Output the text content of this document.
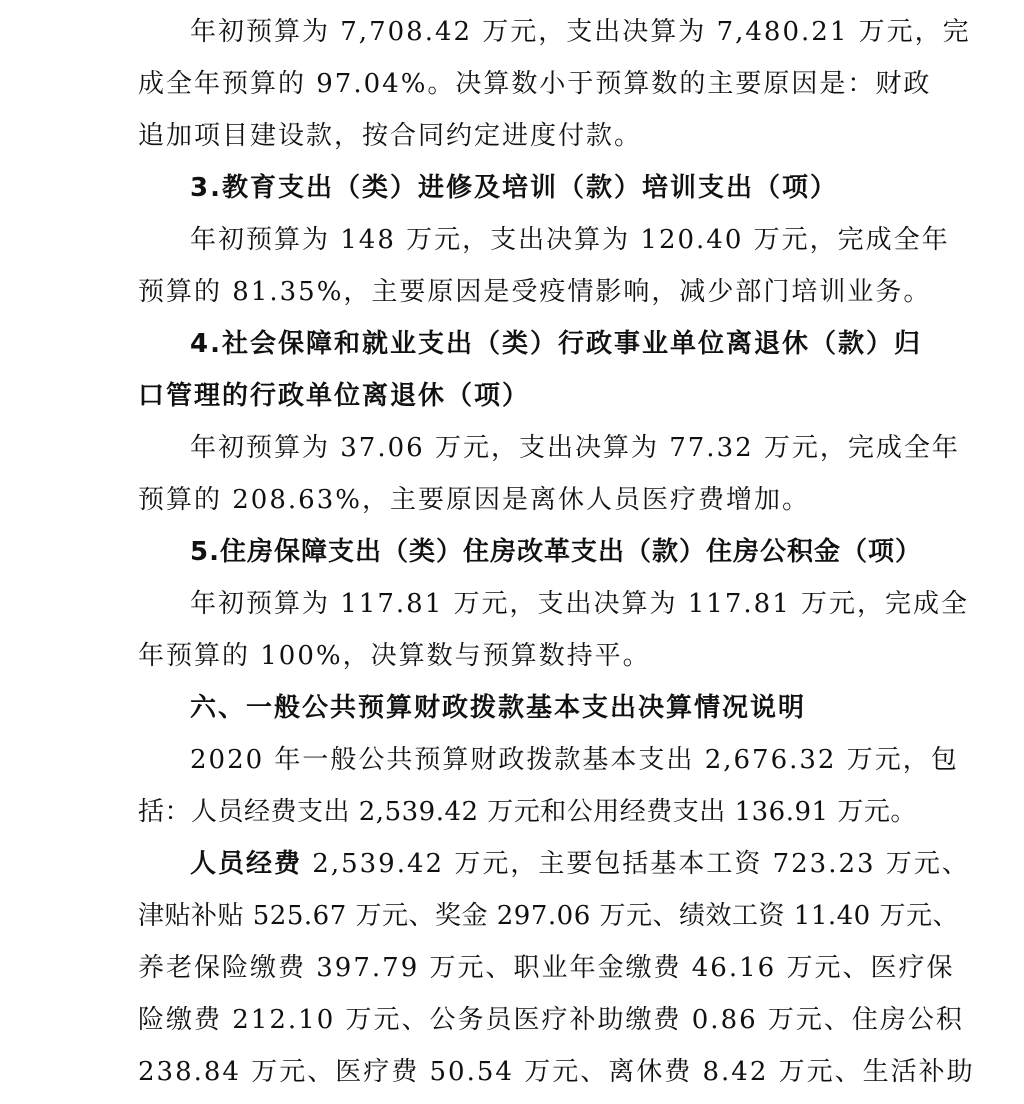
年初预算为 7,708.42 万元，支出决算为 7,480.21 万元，完
成全年预算的 97.04%。决算数小于预算数的主要原因是：财政
追加项目建设款，按合同约定进度付款。
3.教育支出（类）进修及培训（款）培训支出（项）
年初预算为 148 万元，支出决算为 120.40 万元，完成全年
预算的 81.35%，主要原因是受疫情影响，减少部门培训业务。
4.社会保障和就业支出（类）行政事业单位离退休（款）归
口管理的行政单位离退休（项）
年初预算为 37.06 万元，支出决算为 77.32 万元，完成全年
预算的 208.63%，主要原因是离休人员医疗费增加。
5.住房保障支出（类）住房改革支出（款）住房公积金（项）
年初预算为 117.81 万元，支出决算为 117.81 万元，完成全
年预算的 100%，决算数与预算数持平。
六、一般公共预算财政拨款基本支出决算情况说明
2020 年一般公共预算财政拨款基本支出 2,676.32 万元，包
括：人员经费支出 2,539.42 万元和公用经费支出 136.91 万元。
人员经费 2,539.42 万元，主要包括基本工资 723.23 万元、
津贴补贴 525.67 万元、奖金 297.06 万元、绩效工资 11.40 万元、
养老保险缴费 397.79 万元、职业年金缴费 46.16 万元、医疗保
险缴费 212.10 万元、公务员医疗补助缴费 0.86 万元、住房公积
238.84 万元、医疗费 50.54 万元、离休费 8.42 万元、生活补助
